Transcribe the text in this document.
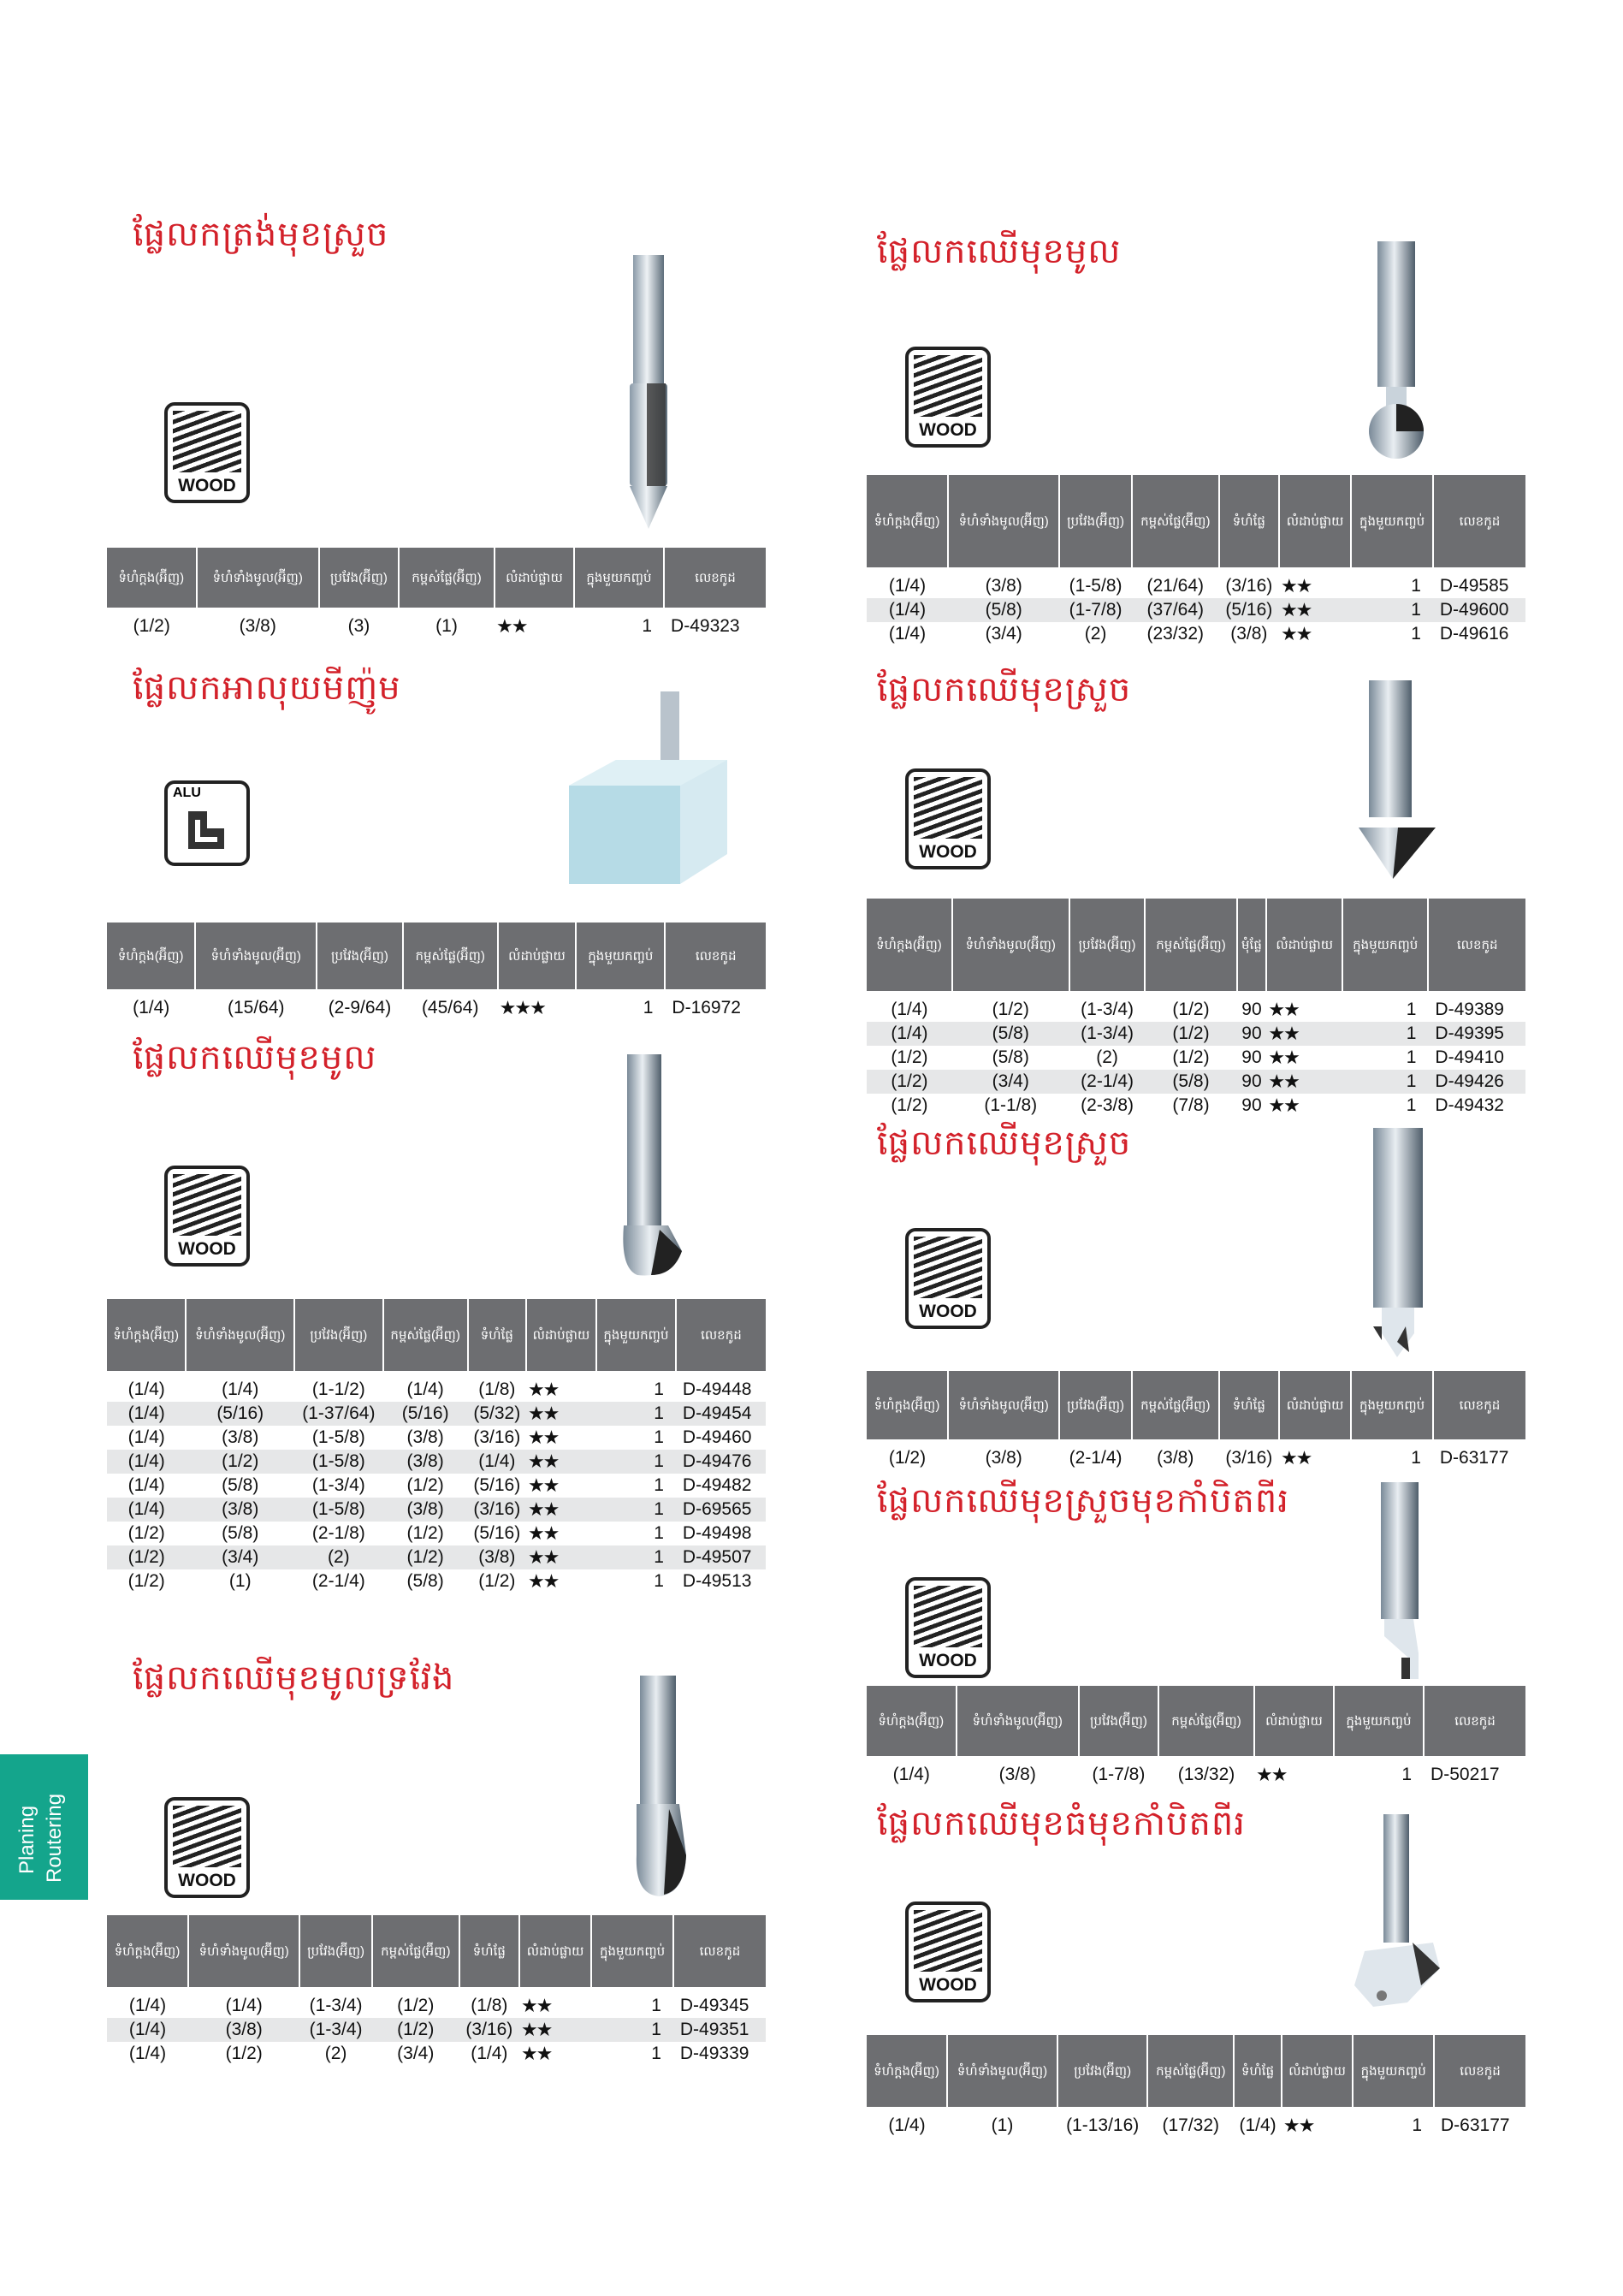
ផ្លែលកត្រង់មុខស្រួច
WOOD
ទំហំក្ដង(អ៊ីញ)	ទំហំទាំងមូល(អ៊ីញ)	ប្រវែង(អ៊ីញ)	កម្ពស់ផ្លែ(អ៊ីញ)	លំដាប់ផ្លាយ	ក្នុងមួយកញ្ចប់	លេខកូដ
(1/2)	(3/8)	(3)	(1)	★★	1	D-49323
ផ្លែលកអាលុយមីញ៉ូម
ALU
ទំហំក្ដង(អ៊ីញ)	ទំហំទាំងមូល(អ៊ីញ)	ប្រវែង(អ៊ីញ)	កម្ពស់ផ្លែ(អ៊ីញ)	លំដាប់ផ្លាយ	ក្នុងមួយកញ្ចប់	លេខកូដ
(1/4)	(15/64)	(2-9/64)	(45/64)	★★★	1	D-16972
ផ្លែលកឈើមុខមូល
WOOD
ទំហំក្ដង(អ៊ីញ)	ទំហំទាំងមូល(អ៊ីញ)	ប្រវែង(អ៊ីញ)	កម្ពស់ផ្លែ(អ៊ីញ)	ទំហំផ្លែ	លំដាប់ផ្លាយ	ក្នុងមួយកញ្ចប់	លេខកូដ
(1/4)	(1/4)	(1-1/2)	(1/4)	(1/8)	★★	1	D-49448
(1/4)	(5/16)	(1-37/64)	(5/16)	(5/32)	★★	1	D-49454
(1/4)	(3/8)	(1-5/8)	(3/8)	(3/16)	★★	1	D-49460
(1/4)	(1/2)	(1-5/8)	(3/8)	(1/4)	★★	1	D-49476
(1/4)	(5/8)	(1-3/4)	(1/2)	(5/16)	★★	1	D-49482
(1/4)	(3/8)	(1-5/8)	(3/8)	(3/16)	★★	1	D-69565
(1/2)	(5/8)	(2-1/8)	(1/2)	(5/16)	★★	1	D-49498
(1/2)	(3/4)	(2)	(1/2)	(3/8)	★★	1	D-49507
(1/2)	(1)	(2-1/4)	(5/8)	(1/2)	★★	1	D-49513
ផ្លែលកឈើមុខមូលទ្រវែង
WOOD
ទំហំក្ដង(អ៊ីញ)	ទំហំទាំងមូល(អ៊ីញ)	ប្រវែង(អ៊ីញ)	កម្ពស់ផ្លែ(អ៊ីញ)	ទំហំផ្លែ	លំដាប់ផ្លាយ	ក្នុងមួយកញ្ចប់	លេខកូដ
(1/4)	(1/4)	(1-3/4)	(1/2)	(1/8)	★★	1	D-49345
(1/4)	(3/8)	(1-3/4)	(1/2)	(3/16)	★★	1	D-49351
(1/4)	(1/2)	(2)	(3/4)	(1/4)	★★	1	D-49339
Planing Routering
ផ្លែលកឈើមុខមូល
WOOD
ទំហំក្ដង(អ៊ីញ)	ទំហំទាំងមូល(អ៊ីញ)	ប្រវែង(អ៊ីញ)	កម្ពស់ផ្លែ(អ៊ីញ)	ទំហំផ្លែ	លំដាប់ផ្លាយ	ក្នុងមួយកញ្ចប់	លេខកូដ
(1/4)	(3/8)	(1-5/8)	(21/64)	(3/16)	★★	1	D-49585
(1/4)	(5/8)	(1-7/8)	(37/64)	(5/16)	★★	1	D-49600
(1/4)	(3/4)	(2)	(23/32)	(3/8)	★★	1	D-49616
ផ្លែលកឈើមុខស្រួច
WOOD
ទំហំក្ដង(អ៊ីញ)	ទំហំទាំងមូល(អ៊ីញ)	ប្រវែង(អ៊ីញ)	កម្ពស់ផ្លែ(អ៊ីញ)	មុំផ្លែ	លំដាប់ផ្លាយ	ក្នុងមួយកញ្ចប់	លេខកូដ
(1/4)	(1/2)	(1-3/4)	(1/2)	90	★★	1	D-49389
(1/4)	(5/8)	(1-3/4)	(1/2)	90	★★	1	D-49395
(1/2)	(5/8)	(2)	(1/2)	90	★★	1	D-49410
(1/2)	(3/4)	(2-1/4)	(5/8)	90	★★	1	D-49426
(1/2)	(1-1/8)	(2-3/8)	(7/8)	90	★★	1	D-49432
ផ្លែលកឈើមុខស្រួច
WOOD
ទំហំក្ដង(អ៊ីញ)	ទំហំទាំងមូល(អ៊ីញ)	ប្រវែង(អ៊ីញ)	កម្ពស់ផ្លែ(អ៊ីញ)	ទំហំផ្លែ	លំដាប់ផ្លាយ	ក្នុងមួយកញ្ចប់	លេខកូដ
(1/2)	(3/8)	(2-1/4)	(3/8)	(3/16)	★★	1	D-63177
ផ្លែលកឈើមុខស្រួចមុខកាំបិតពីរ
WOOD
ទំហំក្ដង(អ៊ីញ)	ទំហំទាំងមូល(អ៊ីញ)	ប្រវែង(អ៊ីញ)	កម្ពស់ផ្លែ(អ៊ីញ)	លំដាប់ផ្លាយ	ក្នុងមួយកញ្ចប់	លេខកូដ
(1/4)	(3/8)	(1-7/8)	(13/32)	★★	1	D-50217
ផ្លែលកឈើមុខធំមុខកាំបិតពីរ
WOOD
ទំហំក្ដង(អ៊ីញ)	ទំហំទាំងមូល(អ៊ីញ)	ប្រវែង(អ៊ីញ)	កម្ពស់ផ្លែ(អ៊ីញ)	ទំហំផ្លែ	លំដាប់ផ្លាយ	ក្នុងមួយកញ្ចប់	លេខកូដ
(1/4)	(1)	(1-13/16)	(17/32)	(1/4)	★★	1	D-63177
